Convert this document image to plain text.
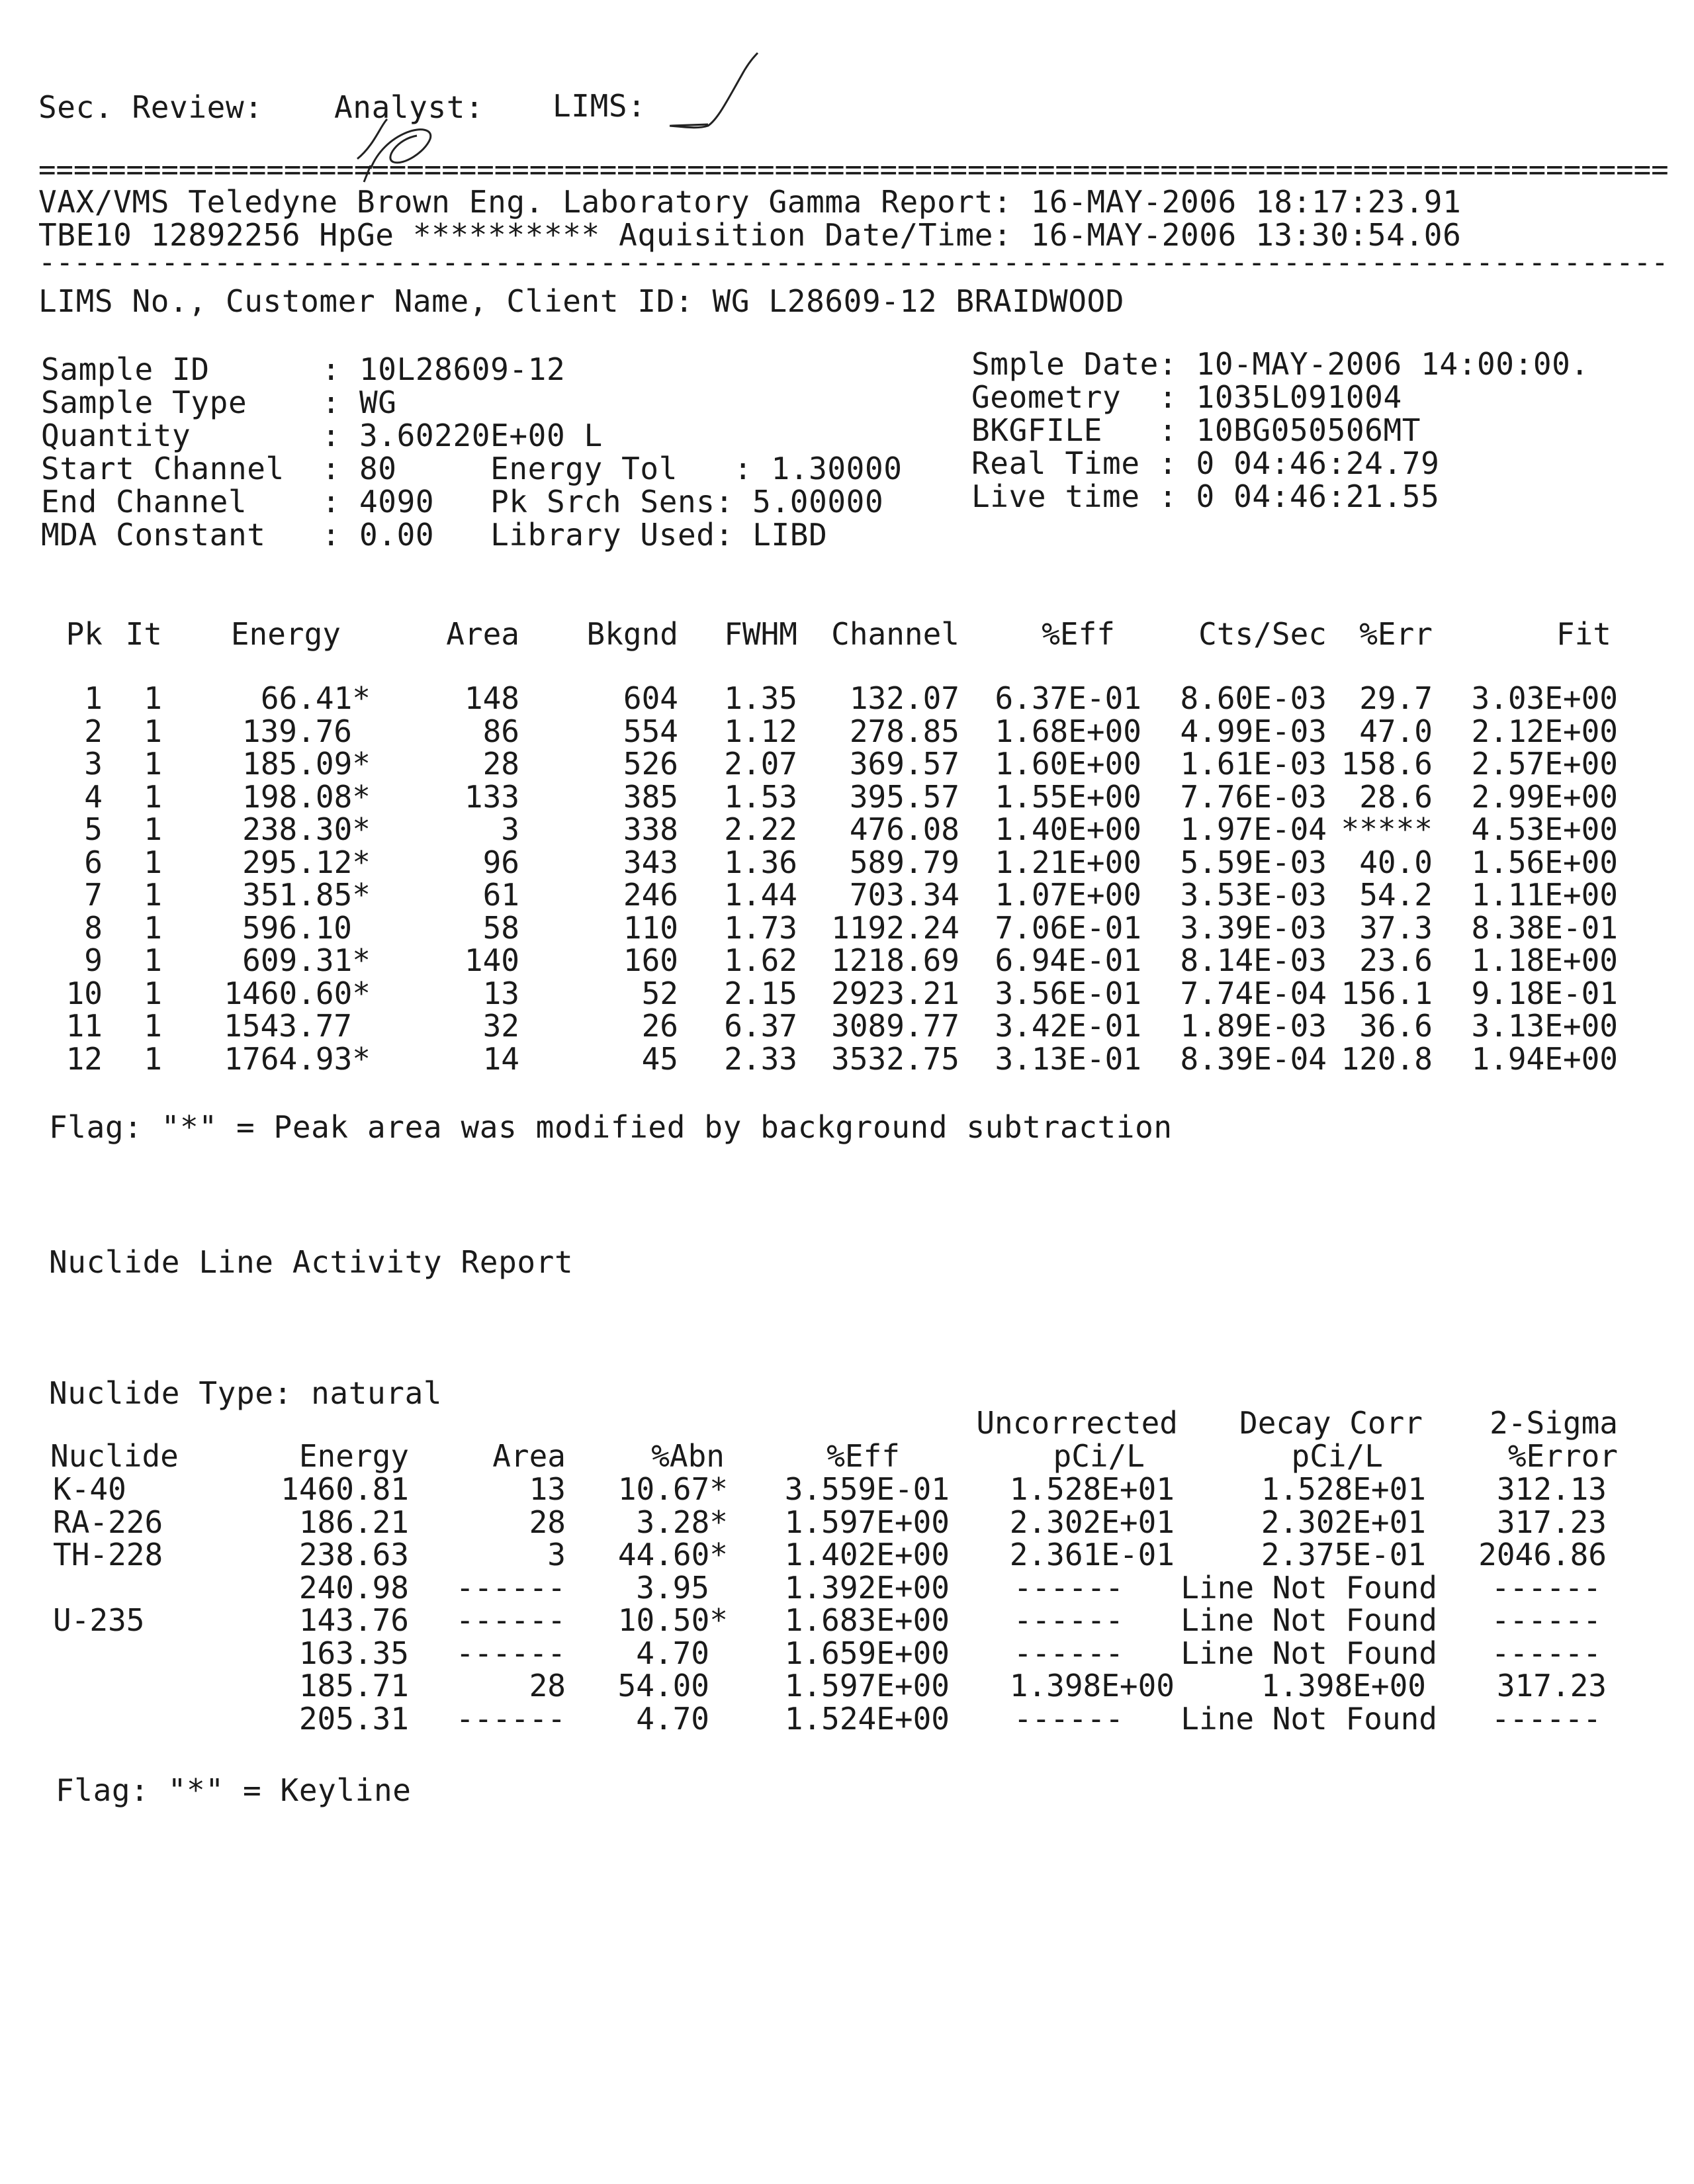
Sec. Review: Analyst: LIMS:
=============================================================================================
VAX/VMS Teledyne Brown Eng. Laboratory Gamma Report: 16-MAY-2006 18:17:23.91
TBE10 12892256 HpGe ********** Aquisition Date/Time: 16-MAY-2006 13:30:54.06
---------------------------------------------------------------------------------------------
LIMS No., Customer Name, Client ID: WG L28609-12 BRAIDWOOD
Sample ID      : 10L28609-12
Sample Type    : WG
Quantity       : 3.60220E+00 L
Start Channel  : 80     Energy Tol   : 1.30000
End Channel    : 4090   Pk Srch Sens: 5.00000
MDA Constant   : 0.00   Library Used: LIBD
Smple Date: 10-MAY-2006 14:00:00.
Geometry  : 1035L091004
BKGFILE   : 10BG050506MT
Real Time : 0 04:46:24.79
Live time : 0 04:46:21.55
Pk It Energy	Area Bkgnd FWHM Channel	%Eff	Cts/Sec %Err	Fit
1 1	66.41*	148	604 1.35 132.07 6.37E-01 8.60E-03 29.7 3.03E+00
2 1	139.76	86	554 1.12 278.85 1.68E+00 4.99E-03 47.0 2.12E+00
3 1	185.09*	28	526 2.07 369.57 1.60E+00 1.61E-03 158.6 2.57E+00
4 1	198.08*	133	385 1.53 395.57 1.55E+00 7.76E-03 28.6 2.99E+00
5 1	238.30*	3	338 2.22 476.08 1.40E+00 1.97E-04 ***** 4.53E+00
6 1	295.12*	96	343 1.36 589.79 1.21E+00 5.59E-03 40.0 1.56E+00
7 1	351.85*	61	246 1.44 703.34 1.07E+00 3.53E-03 54.2 1.11E+00
8 1	596.10	58	110 1.73 1192.24 7.06E-01 3.39E-03 37.3 8.38E-01
9 1	609.31*	140	160 1.62 1218.69 6.94E-01 8.14E-03 23.6 1.18E+00
10 1 1460.60*	13	52 2.15 2923.21 3.56E-01 7.74E-04 156.1 9.18E-01
11 1 1543.77	32	26 6.37 3089.77 3.42E-01 1.89E-03 36.6 3.13E+00
12 1 1764.93*	14	45 2.33 3532.75 3.13E-01 8.39E-04 120.8 1.94E+00
Flag: "*" = Peak area was modified by background subtraction
Nuclide Line Activity Report
Nuclide Type: natural
Uncorrected Decay Corr 2-Sigma
Nuclide	Energy	Area	%Abn	%Eff	pCi/L	pCi/L	%Error
K-40	1460.81	13 10.67* 3.559E-01 1.528E+01	1.528E+01 312.13
RA-226	186.21	28 3.28* 1.597E+00 2.302E+01	2.302E+01 317.23
TH-228	238.63	3 44.60* 1.402E+00 2.361E-01	2.375E-01 2046.86
240.98 ------ 3.95 1.392E+00 ------ Line Not Found ------
U-235	143.76 ------ 10.50* 1.683E+00 ------ Line Not Found ------
163.35 ------ 4.70 1.659E+00 ------ Line Not Found ------
185.71	28 54.00 1.597E+00 1.398E+00	1.398E+00 317.23
205.31 ------ 4.70 1.524E+00 ------ Line Not Found ------
Flag: "*" = Keyline
